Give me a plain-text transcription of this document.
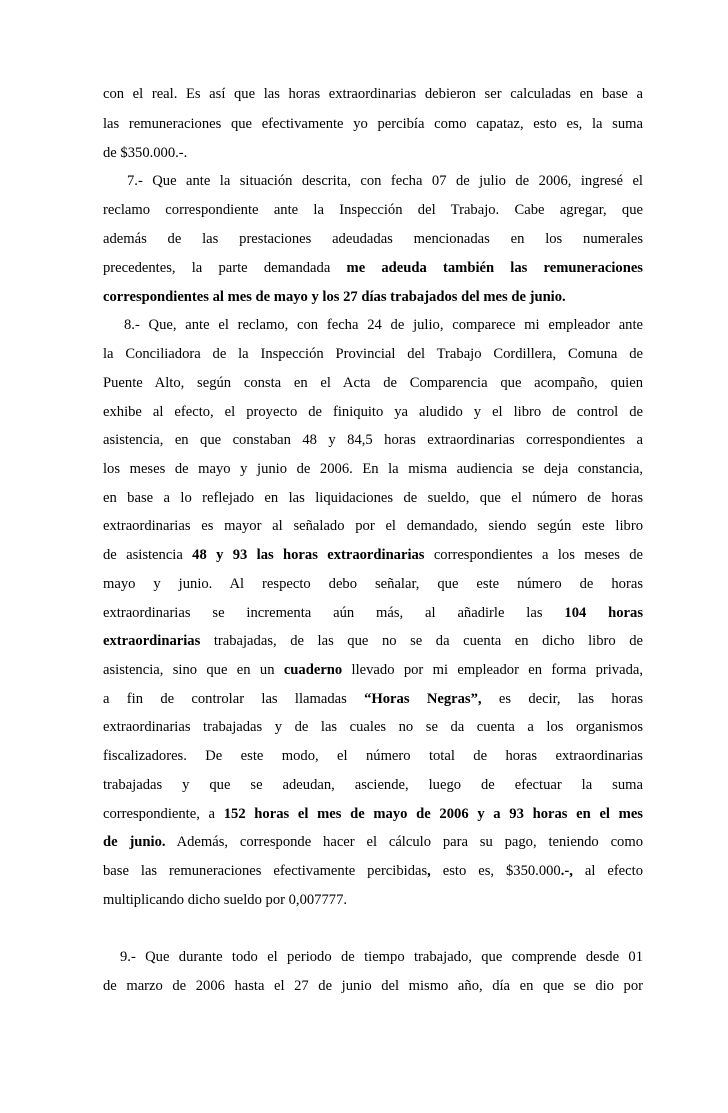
con el real. Es así que las horas extraordinarias debieron ser calculadas en base a
las remuneraciones que efectivamente yo percibía como capataz, esto es, la suma
de $350.000.-.
7.- Que ante la situación descrita, con fecha 07 de julio de 2006, ingresé el
reclamo correspondiente ante la Inspección del Trabajo. Cabe agregar, que
además de las prestaciones adeudadas mencionadas en los numerales
precedentes, la parte demandada me adeuda también las remuneraciones
correspondientes al mes de mayo y los 27 días trabajados del mes de junio.
8.- Que, ante el reclamo, con fecha 24 de julio, comparece mi empleador ante
la Conciliadora de la Inspección Provincial del Trabajo Cordillera, Comuna de
Puente Alto, según consta en el Acta de Comparencia que acompaño, quien
exhibe al efecto, el proyecto de finiquito ya aludido y el libro de control de
asistencia, en que constaban 48 y 84,5 horas extraordinarias correspondientes a
los meses de mayo y junio de 2006. En la misma audiencia se deja constancia,
en base a lo reflejado en las liquidaciones de sueldo, que el número de horas
extraordinarias es mayor al señalado por el demandado, siendo según este libro
de asistencia 48 y 93 las horas extraordinarias correspondientes a los meses de
mayo y junio. Al respecto debo señalar, que este número de horas
extraordinarias se incrementa aún más, al añadirle las 104 horas
extraordinarias trabajadas, de las que no se da cuenta en dicho libro de
asistencia, sino que en un cuaderno llevado por mi empleador en forma privada,
a fin de controlar las llamadas “Horas Negras”, es decir, las horas
extraordinarias trabajadas y de las cuales no se da cuenta a los organismos
fiscalizadores. De este modo, el número total de horas extraordinarias
trabajadas y que se adeudan, asciende, luego de efectuar la suma
correspondiente, a 152 horas el mes de mayo de 2006 y a 93 horas en el mes
de junio. Además, corresponde hacer el cálculo para su pago, teniendo como
base las remuneraciones efectivamente percibidas, esto es, $350.000.-, al efecto
multiplicando dicho sueldo por 0,007777.
9.- Que durante todo el periodo de tiempo trabajado, que comprende desde 01
de marzo de 2006 hasta el 27 de junio del mismo año, día en que se dio por
